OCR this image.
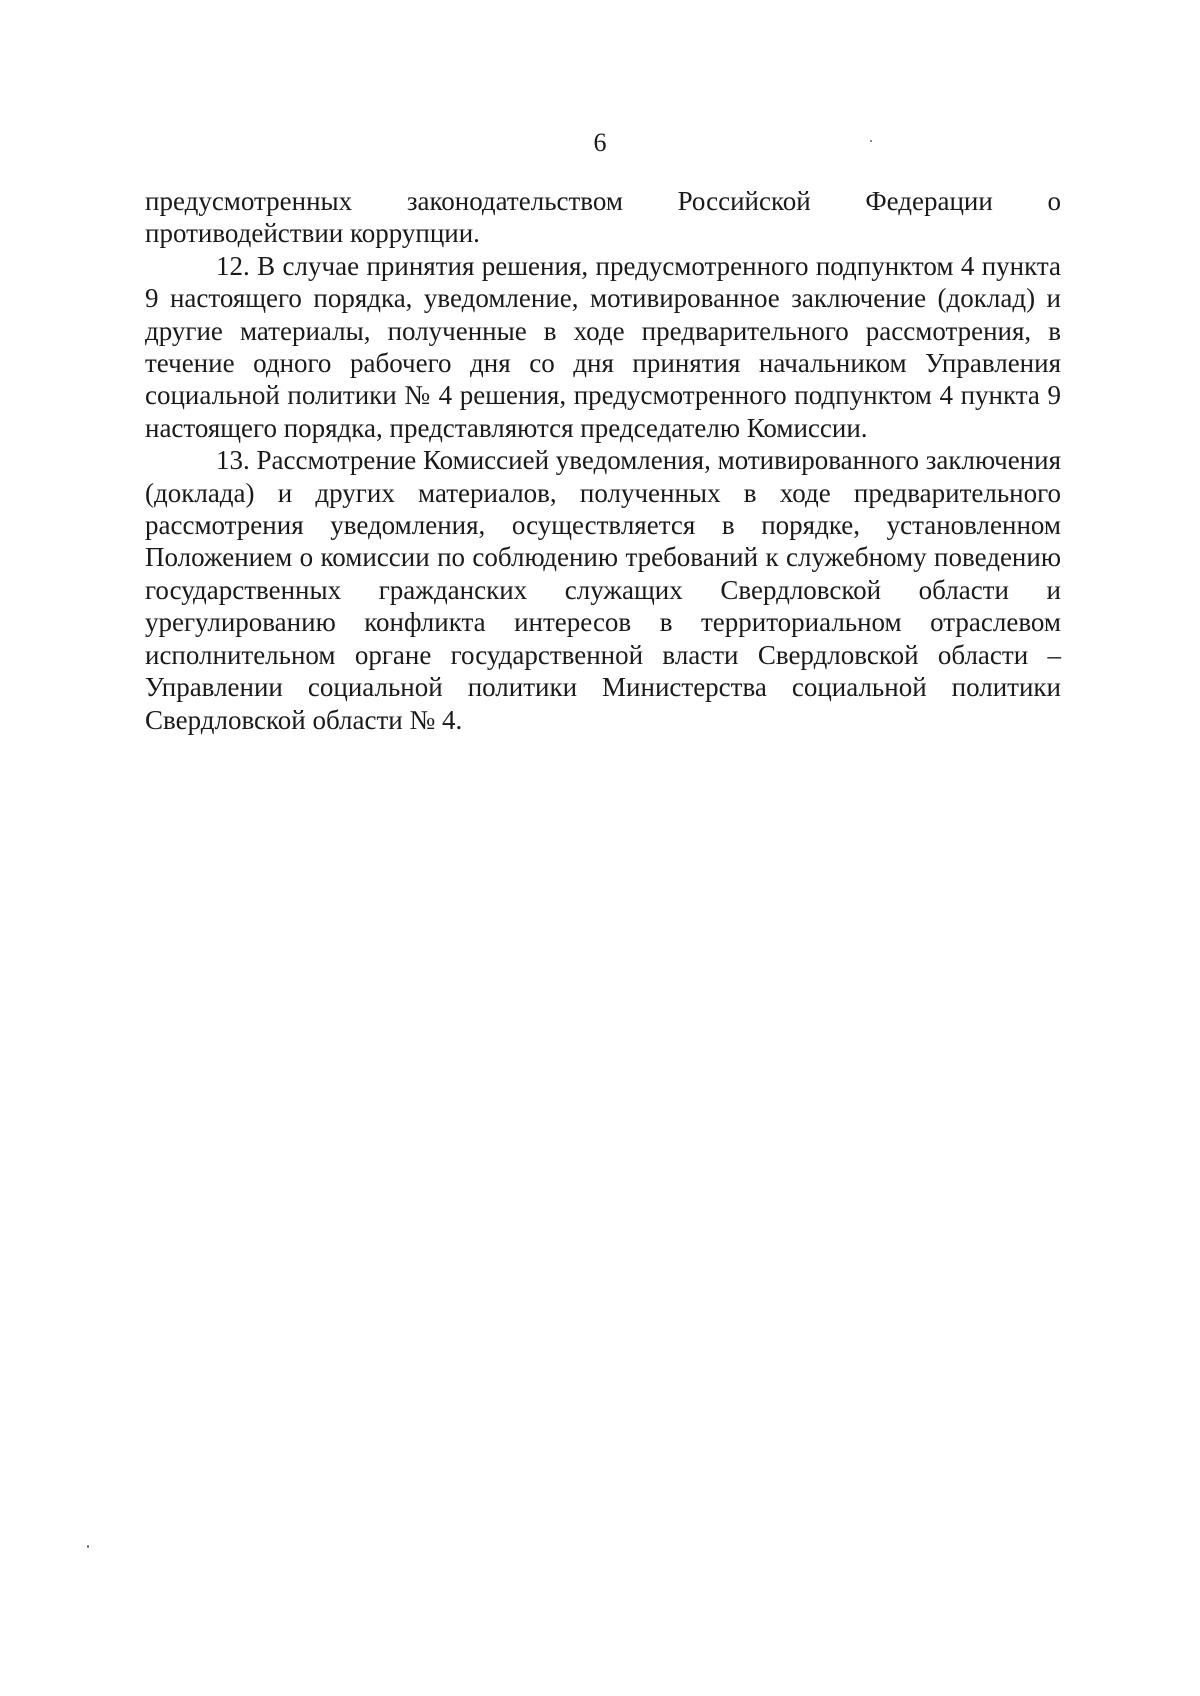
6

предусмотренных законодательством Российской Федерации о противодействии коррупции.

12. В случае принятия решения, предусмотренного подпунктом 4 пункта 9 настоящего порядка, уведомление, мотивированное заключение (доклад) и другие материалы, полученные в ходе предварительного рассмотрения, в течение одного рабочего дня со дня принятия начальником Управления социальной политики № 4 решения, предусмотренного подпунктом 4 пункта 9 настоящего порядка, представляются председателю Комиссии.

13. Рассмотрение Комиссией уведомления, мотивированного заключения (доклада) и других материалов, полученных в ходе предварительного рассмотрения уведомления, осуществляется в порядке, установленном Положением о комиссии по соблюдению требований к служебному поведению государственных гражданских служащих Свердловской области и урегулированию конфликта интересов в территориальном отраслевом исполнительном органе государственной власти Свердловской области – Управлении социальной политики Министерства социальной политики Свердловской области № 4.
